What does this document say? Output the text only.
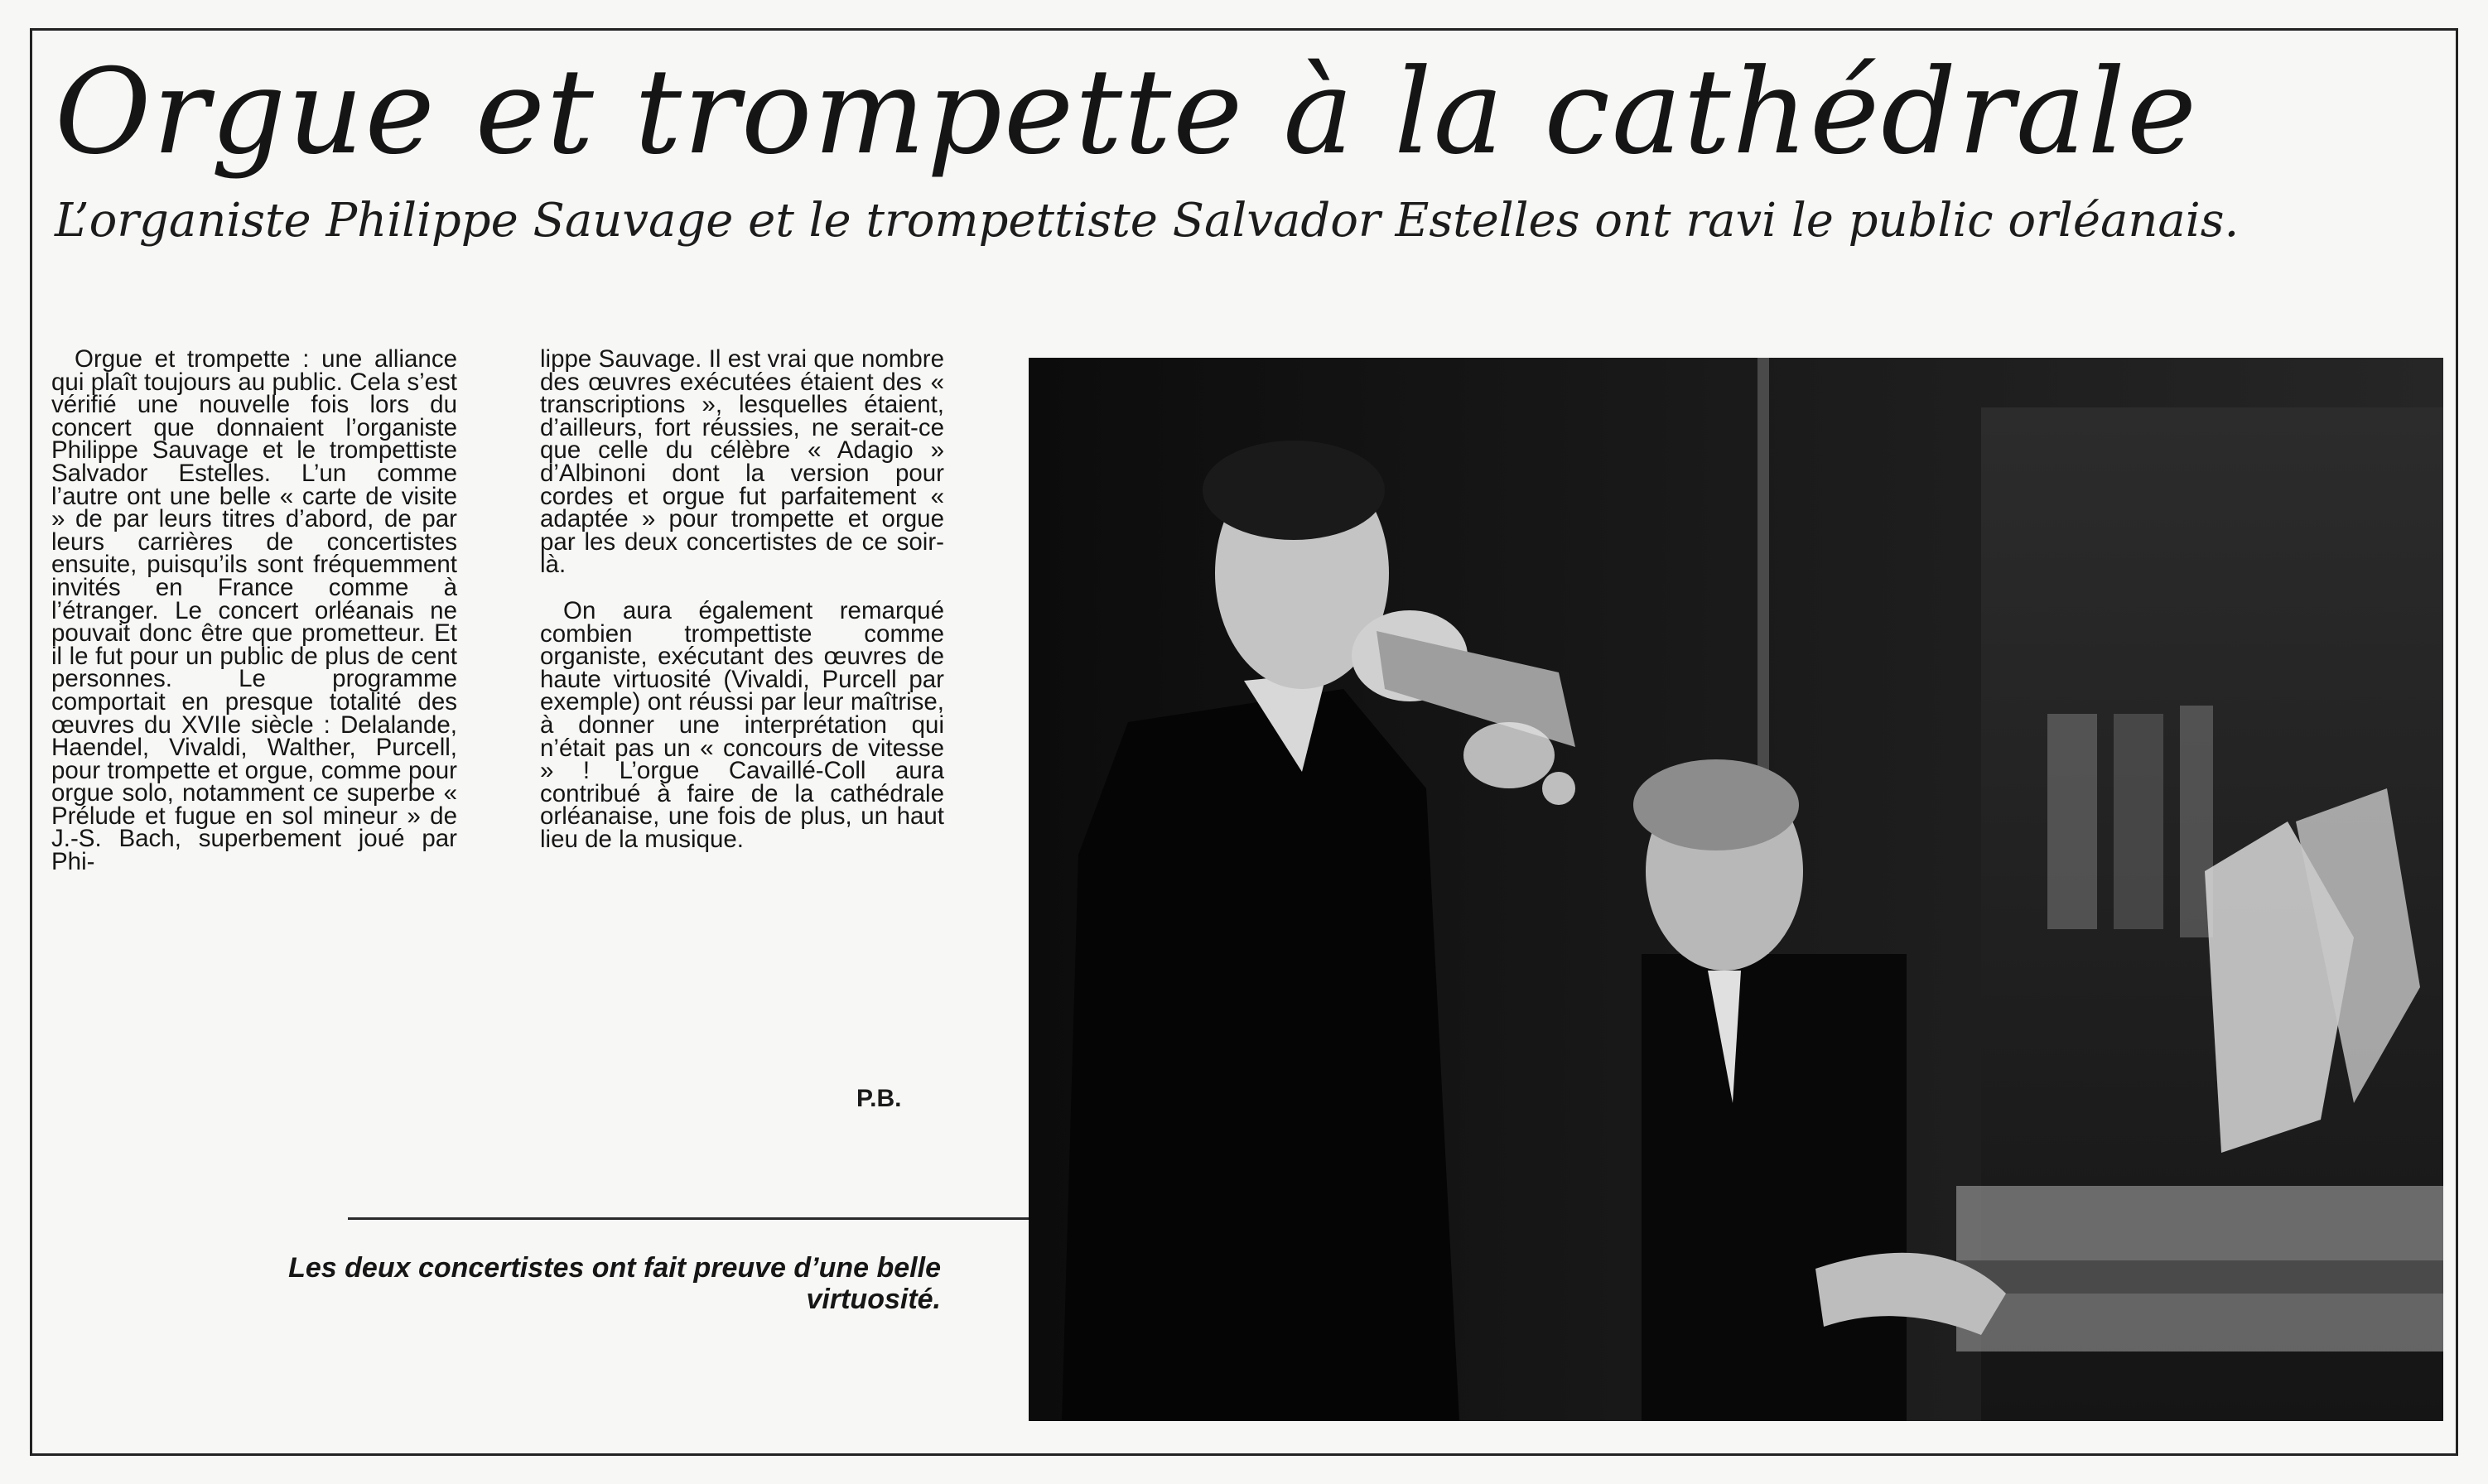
Orgue et trompette à la cathédrale
L’organiste Philippe Sauvage et le trompettiste Salvador Estelles ont ravi le public orléanais.

Orgue et trompette : une alliance qui plaît toujours au public. Cela s’est vérifié une nouvelle fois lors du concert que donnaient l’organiste Philippe Sauvage et le trompettiste Salvador Estelles. L’un comme l’autre ont une belle « carte de visite » de par leurs titres d’abord, de par leurs carrières de concertistes ensuite, puisqu’ils sont fréquemment invités en France comme à l’étranger. Le concert orléanais ne pouvait donc être que prometteur. Et il le fut pour un public de plus de cent personnes. Le programme comportait en presque totalité des œuvres du XVIIe siècle : Delalande, Haendel, Vivaldi, Walther, Purcell, pour trompette et orgue, comme pour orgue solo, notamment ce superbe « Prélude et fugue en sol mineur » de J.-S. Bach, superbement joué par Phi-

lippe Sauvage. Il est vrai que nombre des œuvres exécutées étaient des « transcriptions », lesquelles étaient, d’ailleurs, fort réussies, ne serait-ce que celle du célèbre « Adagio » d’Albinoni dont la version pour cordes et orgue fut parfaitement « adaptée » pour trompette et orgue par les deux concertistes de ce soir-là.

On aura également remarqué combien trompettiste comme organiste, exécutant des œuvres de haute virtuosité (Vivaldi, Purcell par exemple) ont réussi par leur maîtrise, à donner une interprétation qui n’était pas un « concours de vitesse » ! L’orgue Cavaillé-Coll aura contribué à faire de la cathédrale orléanaise, une fois de plus, un haut lieu de la musique.

P.B.
Les deux concertistes ont fait preuve d’une belle virtuosité.
